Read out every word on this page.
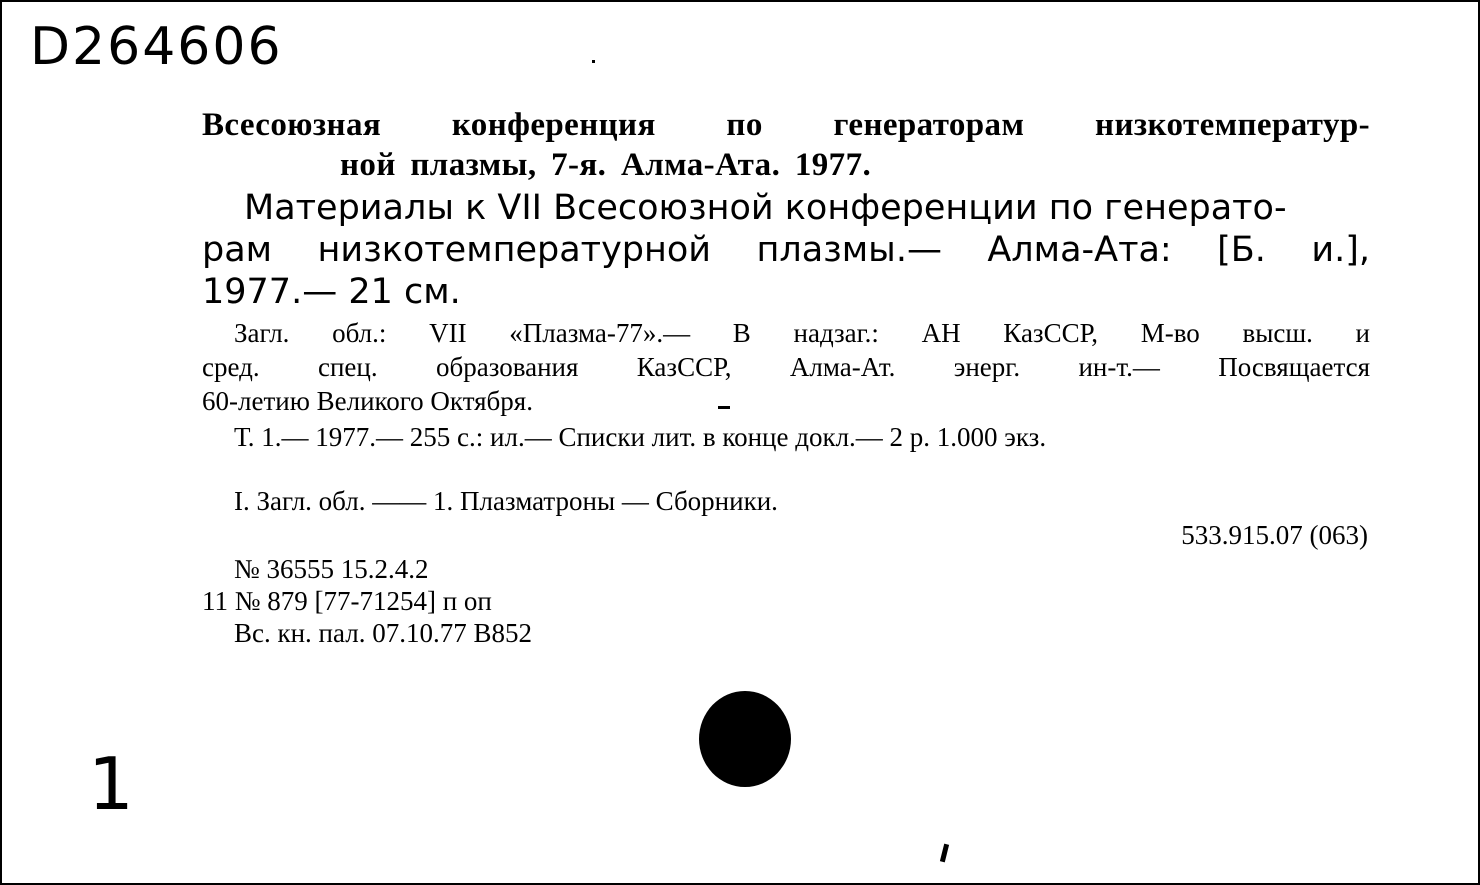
D264606
Всесоюзная конференция по генераторам низкотемператур-
ной плазмы, 7-я. Алма-Ата. 1977.
Материалы к VII Всесоюзной конференции по генерато-
рам низкотемпературной плазмы.— Алма-Ата: [Б. и.],
1977.— 21 см.
Загл. обл.: VII «Плазма-77».— В надзаг.: АН КазССР, М-во высш. и
сред. спец. образования КазССР, Алма-Ат. энерг. ин-т.— Посвящается
60-летию Великого Октября.
Т. 1.— 1977.— 255 с.: ил.— Списки лит. в конце докл.— 2 р. 1.000 экз.
I. Загл. обл. —— 1. Плазматроны — Сборники.
533.915.07 (063)
№ 36555 15.2.4.2
11 № 879 [77-71254] п оп
Вс. кн. пал. 07.10.77 В852
1
